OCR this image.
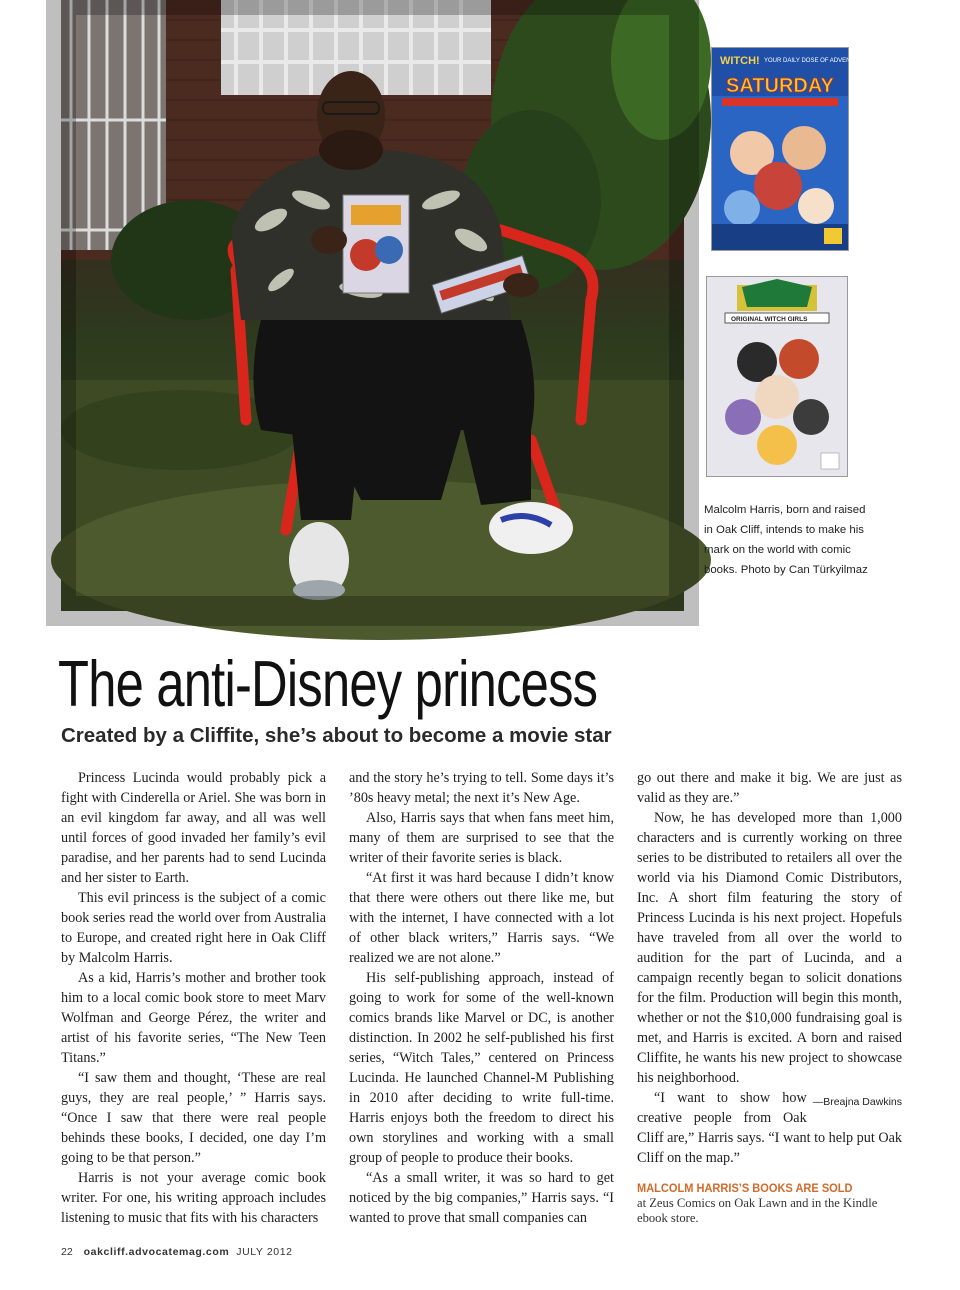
WITCH! YOUR DAILY DOSE OF ADVENTURE!
SATURDAY
ORIGINAL WITCH GIRLS
Malcolm Harris, born and raised in Oak Cliff, intends to make his mark on the world with comic books. Photo by Can Türkyilmaz
The anti-Disney princess
Created by a Cliffite, she’s about to become a movie star

Princess Lucinda would probably pick a fight with Cinderella or Ariel. She was born in an evil kingdom far away, and all was well until forces of good invaded her family’s evil paradise, and her parents had to send Lucinda and her sister to Earth.

This evil princess is the subject of a comic book series read the world over from Australia to Europe, and created right here in Oak Cliff by Malcolm Harris.

As a kid, Harris’s mother and brother took him to a local comic book store to meet Marv Wolfman and George Pérez, the writer and artist of his favorite series, “The New Teen Titans.”

“I saw them and thought, ‘These are real guys, they are real people,’ ” Harris says. “Once I saw that there were real people behinds these books, I decided, one day I’m going to be that person.”

Harris is not your average comic book writer. For one, his writing approach includes listening to music that fits with his characters

and the story he’s trying to tell. Some days it’s ’80s heavy metal; the next it’s New Age.

Also, Harris says that when fans meet him, many of them are surprised to see that the writer of their favorite series is black.

“At first it was hard because I didn’t know that there were others out there like me, but with the internet, I have connected with a lot of other black writers,” Harris says. “We realized we are not alone.”

His self-publishing approach, instead of going to work for some of the well-known comics brands like Marvel or DC, is another distinction. In 2002 he self-published his first series, “Witch Tales,” centered on Princess Lucinda. He launched Channel-M Publishing in 2010 after deciding to write full-time. Harris enjoys both the freedom to direct his own storylines and working with a small group of people to produce their books.

“As a small writer, it was so hard to get noticed by the big companies,” Harris says. “I wanted to prove that small companies can

go out there and make it big. We are just as valid as they are.”

Now, he has developed more than 1,000 characters and is currently working on three series to be distributed to retailers all over the world via his Diamond Comic Distributors, Inc. A short film featuring the story of Princess Lucinda is his next project. Hopefuls have traveled from all over the world to audition for the part of Lucinda, and a campaign recently began to solicit donations for the film. Production will begin this month, whether or not the $10,000 fundraising goal is met, and Harris is excited. A born and raised Cliffite, he wants his new project to showcase his neighborhood.

—Breajna Dawkins

“I want to show how creative people from Oak Cliff are,” Harris says. “I want to help put Oak Cliff on the map.”

MALCOLM HARRIS’S BOOKS ARE SOLD
at Zeus Comics on Oak Lawn and in the Kindle ebook store.
22 oakcliff.advocatemag.com JULY 2012
